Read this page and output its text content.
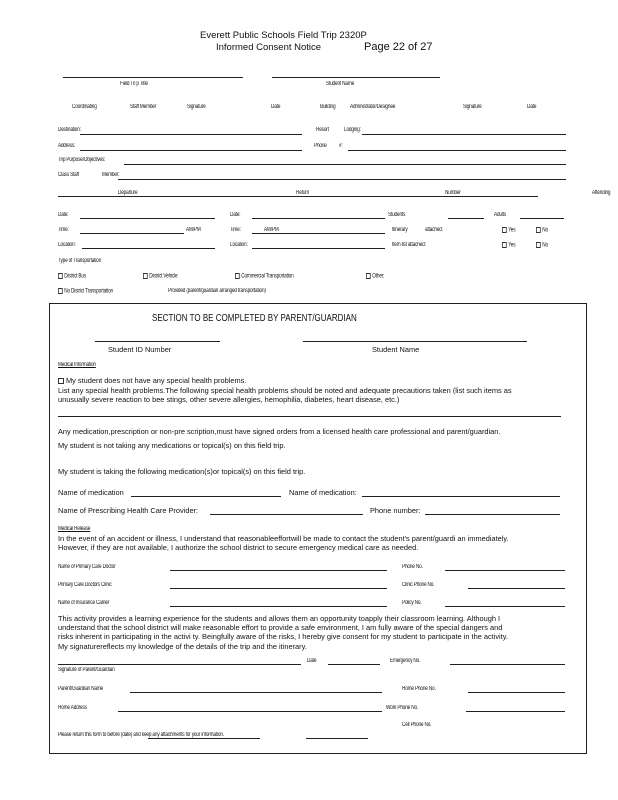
Everett Public Schools Field Trip 2320P
Informed Consent Notice	Page 22 of 27
Field Tri p Title	Student Name
Coordinating	Staff Member	Signature	Date	Building Administrator/Designee	Signature	Date
Destination:	Resort	Lodging:
Address:	Phone #:
Trip Purpose/Objectives:
Class Staff	Member:
Departure	Return	Number	Attending
Date:	Date:	Students	Adults
Time:	AM/PM	Time:	AM/PM	Itinerary	attached:	Yes	No
Location:	Location:	Item list attached:	Yes	No
Type of Transportation
District Bus	District Vehicle	Commercial Transportation	Other:
No District Transportation	Provided (parent/guardian arranged transportation)
SECTION TO BE COMPLETED BY PARENT/GUARDIAN
Student ID Number	Student Name
Medical Information
My student does not have any special health problems.
List any special health problems.The following special health problems should be noted and adequate precautions taken (list such items as
unusually severe reaction to bee stings, other severe allergies, hemophilia, diabetes, heart disease, etc.)
Any medication,prescription or non-pre scription,must have signed orders from a licensed health care professional and parent/guardian.
My student is not taking any medications or topical(s) on this field trip.
My student is taking the following medication(s)or topical(s) on this field trip.
Name of medication	Name of medication:
Name of Prescribing Health Care Provider:	Phone number:
Medical Release
In the event of an accident or illness, I understand that reasonableeffortwill be made to contact the student's parent/guardi an immediately.
However, if they are not available, I authorize the school district to secure emergency medical care as needed.
Name of Primary Care Doctor	Phone No.
Primary Care Doctors Clinic	Clinic Phone No.
Name of Insurance Carrier	Policy No.
This activity provides a learning experience for the students and allows them an opportunity toapply their classroom learning. Although I
understand that the school district will make reasonable effort to provide a safe environment, I am fully aware of the special dangers and
risks inherent in participating in the activi ty. Beingfully aware of the risks, I hereby give consent for my student to participate in the activity.
My signaturereflects my knowledge of the details of the trip and the itinerary.
Date	Emergency No.
Signature of Parent/Guardian
Parent/Guardian Name	Home Phone No.
Home Address	Work Phone No.
Cell Phone No.
Please return this form to before (date) and keep any attachments for your information.
